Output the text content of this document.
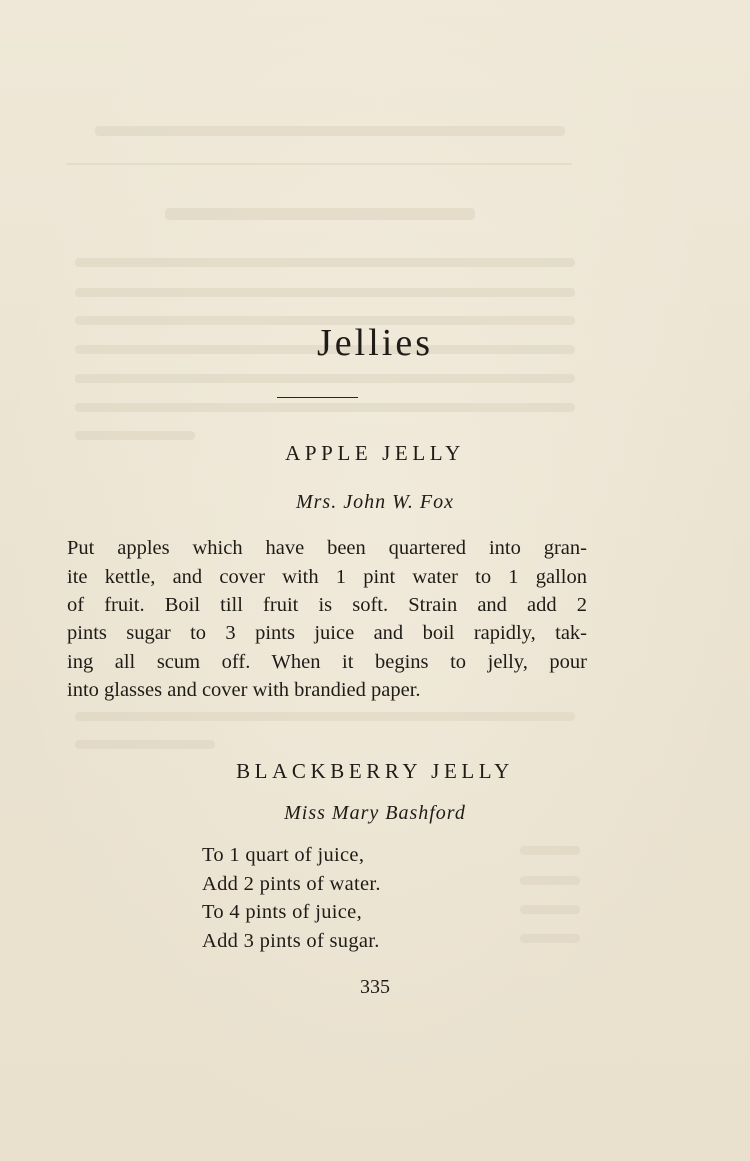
Jellies
APPLE JELLY

Mrs. John W. Fox

Put apples which have been quartered into gran-

ite kettle, and cover with 1 pint water to 1 gallon

of fruit. Boil till fruit is soft. Strain and add 2

pints sugar to 3 pints juice and boil rapidly, tak-

ing all scum off. When it begins to jelly, pour

into glasses and cover with brandied paper.

BLACKBERRY JELLY

Miss Mary Bashford

To 1 quart of juice,

Add 2 pints of water.

To 4 pints of juice,

Add 3 pints of sugar.

335
